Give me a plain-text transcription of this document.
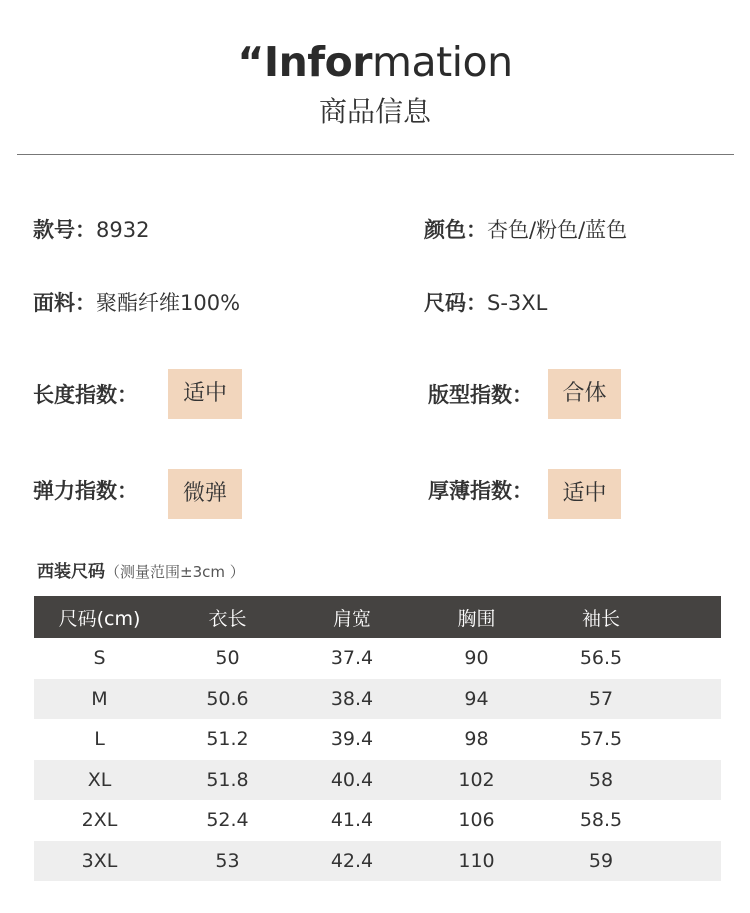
“Information
商品信息
款号：8932	颜色：杏色/粉色/蓝色
面料：聚酯纤维100%	尺码：S-3XL
长度指数：	适中	版型指数：	合体
弹力指数：	微弹	厚薄指数：	适中
西装尺码（测量范围±3cm ）
尺码(cm)	衣长	肩宽	胸围	袖长
S	50	37.4	90	56.5
M	50.6	38.4	94	57
L	51.2	39.4	98	57.5
XL	51.8	40.4	102	58
2XL	52.4	41.4	106	58.5
3XL	53	42.4	110	59
